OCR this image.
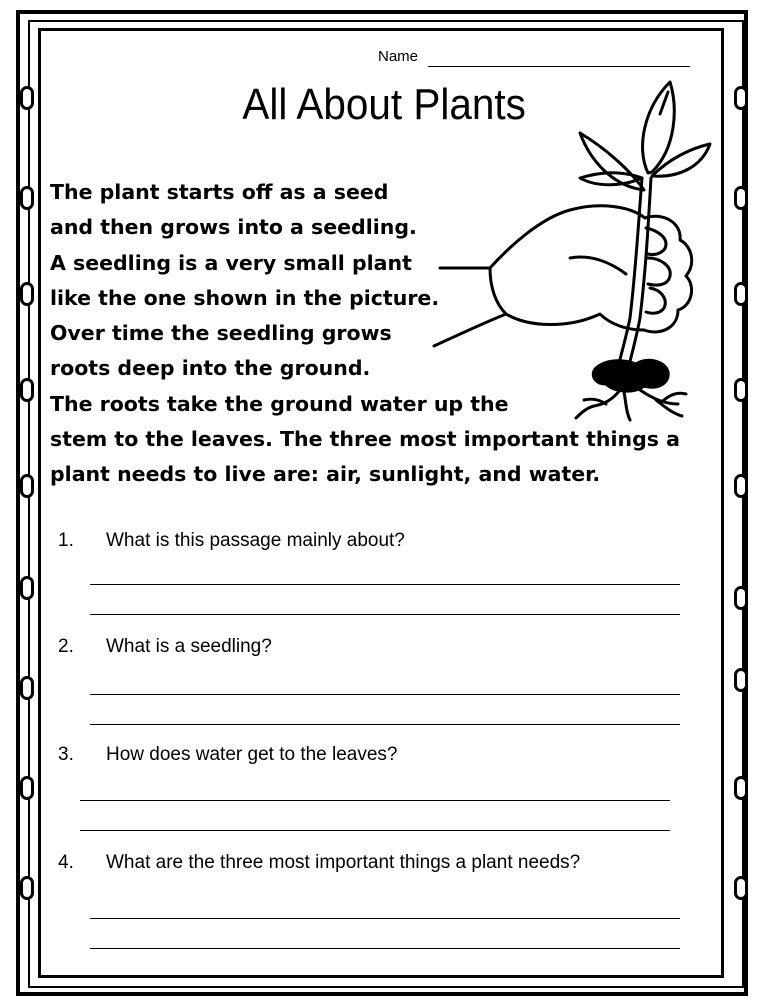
Name
All About Plants
The plant starts off as a seed
and then grows into a seedling.
A seedling is a very small plant
like the one shown in the picture.
Over time the seedling grows
roots deep into the ground.
The roots take the ground water up the
stem to the leaves. The three most important things a
plant needs to live are: air, sunlight, and water.
1. What is this passage mainly about?
2. What is a seedling?
3. How does water get to the leaves?
4. What are the three most important things a plant needs?
